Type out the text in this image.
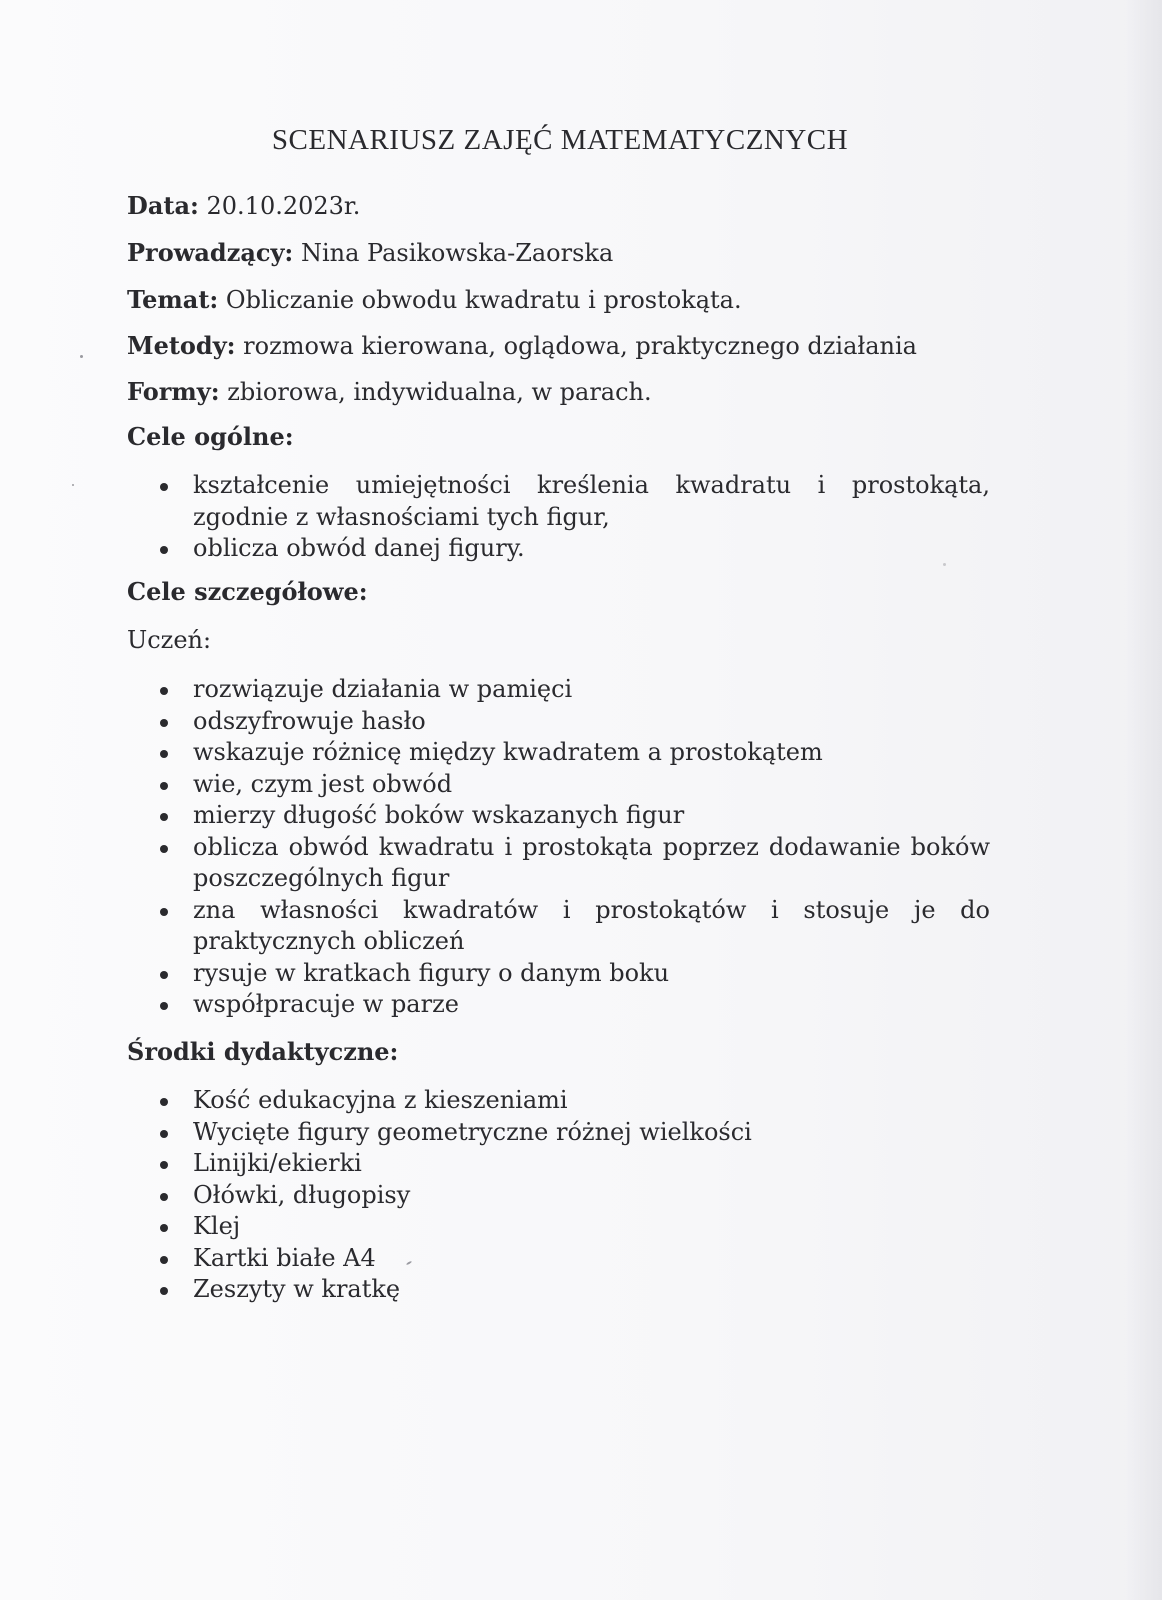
SCENARIUSZ ZAJĘĆ MATEMATYCZNYCH
Data: 20.10.2023r.
Prowadzący: Nina Pasikowska-Zaorska
Temat: Obliczanie obwodu kwadratu i prostokąta.
Metody: rozmowa kierowana, oglądowa, praktycznego działania
Formy: zbiorowa, indywidualna, w parach.
Cele ogólne:
kształcenie umiejętności kreślenia kwadratu i prostokąta, zgodnie z własnościami tych figur,
oblicza obwód danej figury.
Cele szczegółowe:
Uczeń:
rozwiązuje działania w pamięci
odszyfrowuje hasło
wskazuje różnicę między kwadratem a prostokątem
wie, czym jest obwód
mierzy długość boków wskazanych figur
oblicza obwód kwadratu i prostokąta poprzez dodawanie boków poszczególnych figur
zna własności kwadratów i prostokątów i stosuje je do praktycznych obliczeń
rysuje w kratkach figury o danym boku
współpracuje w parze
Środki dydaktyczne:
Kość edukacyjna z kieszeniami
Wycięte figury geometryczne różnej wielkości
Linijki/ekierki
Ołówki, długopisy
Klej
Kartki białe A4
Zeszyty w kratkę
